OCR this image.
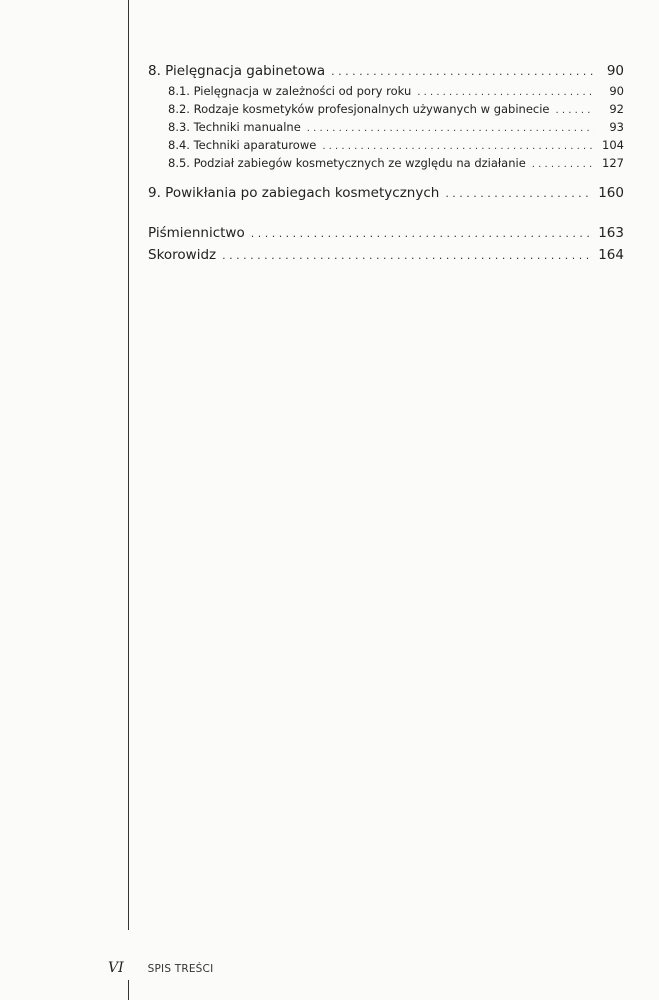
8. Pielęgnacja gabinetowa . . .	90
8.1. Pielęgnacja w zależności od pory roku . . .	90
8.2. Rodzaje kosmetyków profesjonalnych używanych w gabinecie . . .	92
8.3. Techniki manualne . . .	93
8.4. Techniki aparaturowe . . .	104
8.5. Podział zabiegów kosmetycznych ze względu na działanie . . .	127
9. Powikłania po zabiegach kosmetycznych . . .	160
Piśmiennictwo . . .	163
Skorowidz . . .	164
VI SPIS TREŚCI
